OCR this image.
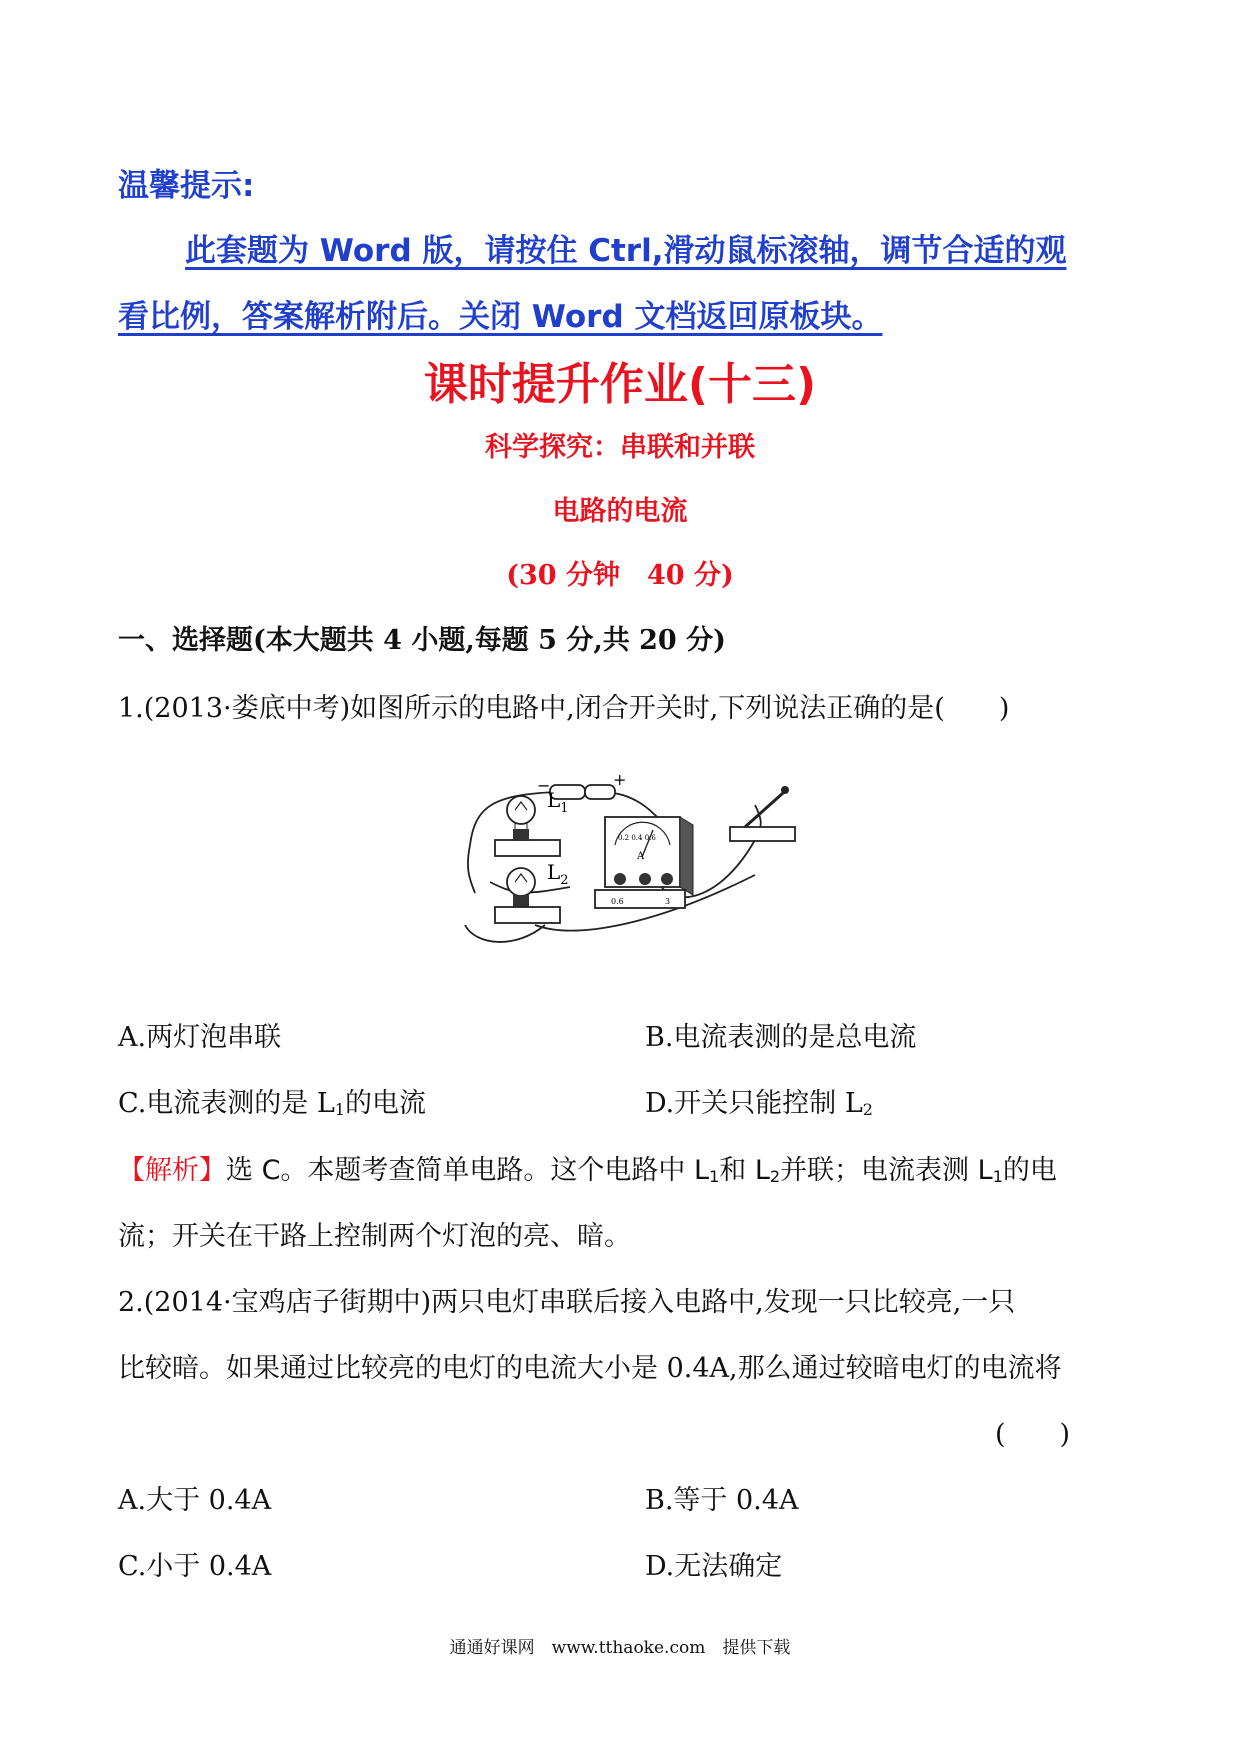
温馨提示:
此套题为 Word 版，请按住 Ctrl,滑动鼠标滚轴，调节合适的观
看比例，答案解析附后。关闭 Word 文档返回原板块。
课时提升作业(十三)
科学探究：串联和并联
电路的电流
(30 分钟　40 分)
一、选择题(本大题共 4 小题,每题 5 分,共 20 分)
1.(2013·娄底中考)如图所示的电路中,闭合开关时,下列说法正确的是(　　)
−	+
$L_1$
$L_2$
0.2 0.4 0.6
A
0.6	3
A.两灯泡串联	B.电流表测的是总电流
C.电流表测的是 L1的电流	D.开关只能控制 L2
【解析】选 C。本题考查简单电路。这个电路中 L1和 L2并联；电流表测 L1的电
流；开关在干路上控制两个灯泡的亮、暗。
2.(2014·宝鸡店子街期中)两只电灯串联后接入电路中,发现一只比较亮,一只
比较暗。如果通过比较亮的电灯的电流大小是 0.4A,那么通过较暗电灯的电流将
(　　)
A.大于 0.4A	B.等于 0.4A
C.小于 0.4A	D.无法确定
通通好课网　www.tthaoke.com　提供下载
